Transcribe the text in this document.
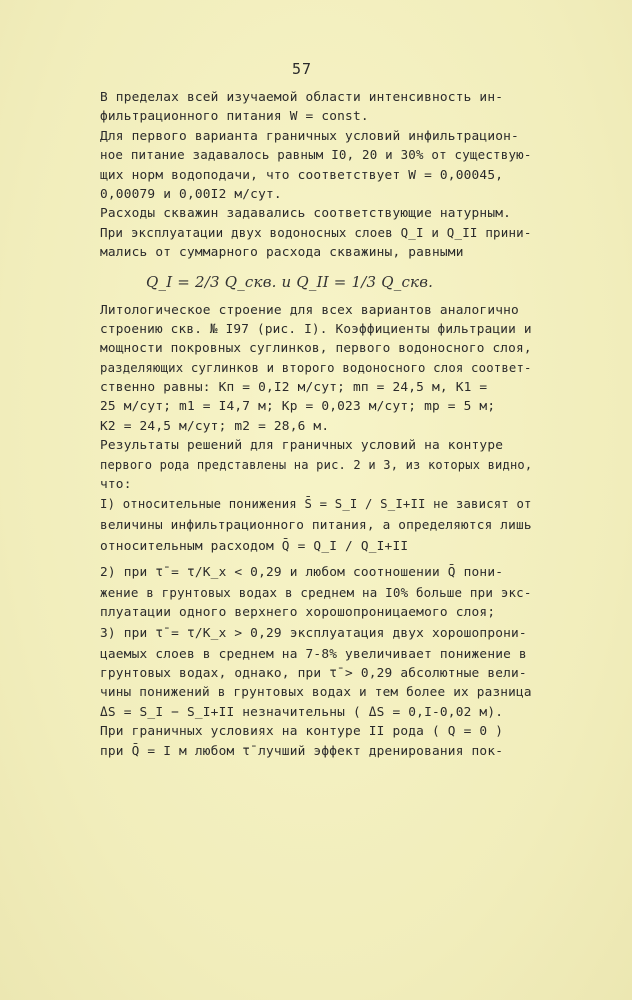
57
В пределах всей изучаемой области интенсивность ин-
фильтрационного питания W = const.
Для первого варианта граничных условий инфильтрацион-
ное питание задавалось равным I0, 20 и 30% от существую-
щих норм водоподачи, что соответствует W = 0,00045,
0,00079 и 0,00I2 м/сут.
Расходы скважин задавались соответствующие натурным.
При эксплуатации двух водоносных слоев Q_I и Q_II прини-
мались от суммарного расхода скважины, равными
Q_I = 2/3 Q_скв. и Q_II = 1/3 Q_скв.
Литологическое строение для всех вариантов аналогично
строению скв. № I97 (рис. I). Коэффициенты фильтрации и
мощности покровных суглинков, первого водоносного слоя,
разделяющих суглинков и второго водоносного слоя соответ-
ственно равны: Kп = 0,I2 м/сут; mп = 24,5 м, K1 =
25 м/сут; m1 = I4,7 м; Kр = 0,023 м/сут; mр = 5 м;
K2 = 24,5 м/сут; m2 = 28,6 м.
Результаты решений для граничных условий на контуре
первого рода представлены на рис. 2 и 3, из которых видно,
что:
I) относительные понижения S̄ = S_I / S_I+II не зависят от
величины инфильтрационного питания, а определяются лишь
относительным расходом Q̄ = Q_I / Q_I+II
2) при τ̄ = τ/K_x < 0,29 и любом соотношении Q̄ пони-
жение в грунтовых водах в среднем на I0% больше при экс-
плуатации одного верхнего хорошопроницаемого слоя;
3) при τ̄ = τ/K_x > 0,29 эксплуатация двух хорошопрони-
цаемых слоев в среднем на 7-8% увеличивает понижение в
грунтовых водах, однако, при τ̄ > 0,29 абсолютные вели-
чины понижений в грунтовых водах и тем более их разница
ΔS = S_I − S_I+II незначительны ( ΔS = 0,I-0,02 м).
При граничных условиях на контуре II рода ( Q = 0 )
при Q̄ = I м любом τ̄ лучший эффект дренирования пок-
